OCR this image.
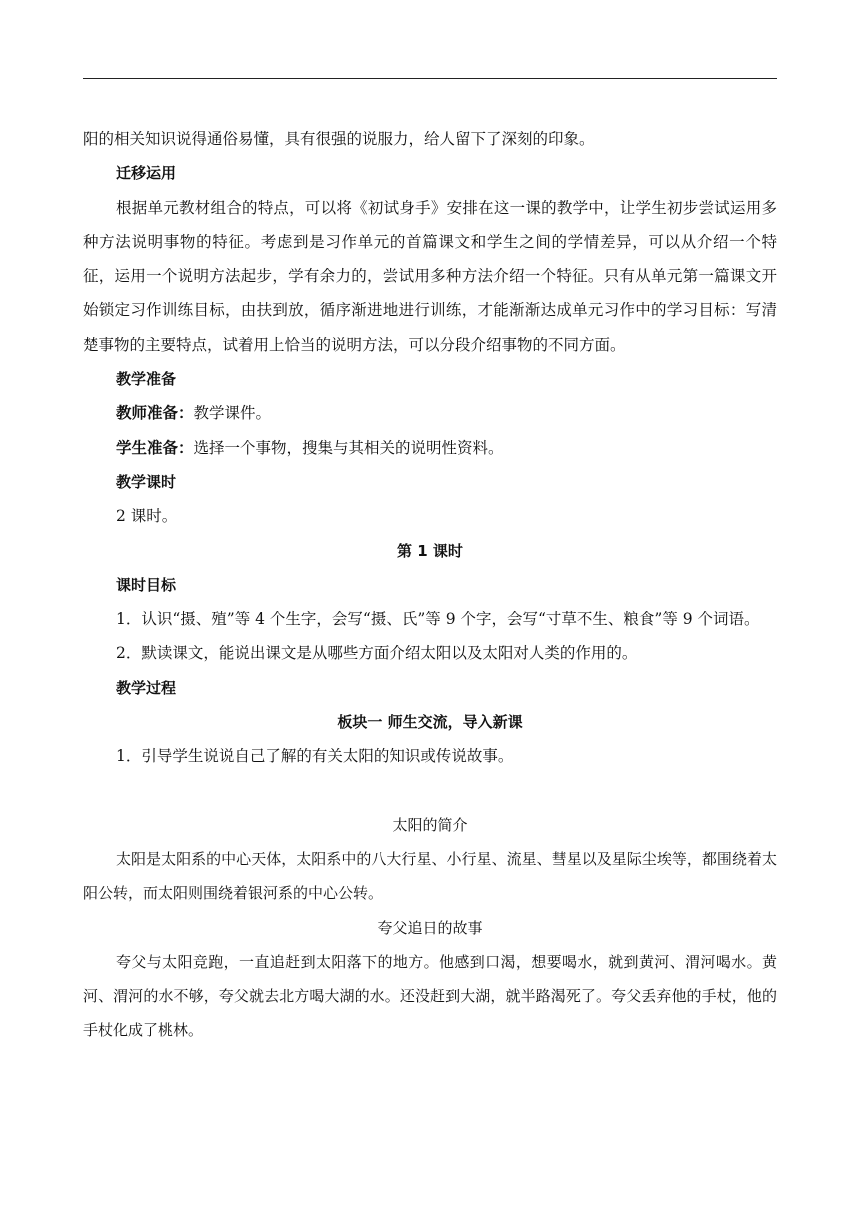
阳的相关知识说得通俗易懂，具有很强的说服力，给人留下了深刻的印象。

迁移运用

根据单元教材组合的特点，可以将《初试身手》安排在这一课的教学中，让学生初步尝试运用多种方法说明事物的特征。考虑到是习作单元的首篇课文和学生之间的学情差异，可以从介绍一个特征，运用一个说明方法起步，学有余力的，尝试用多种方法介绍一个特征。只有从单元第一篇课文开始锁定习作训练目标，由扶到放，循序渐进地进行训练，才能渐渐达成单元习作中的学习目标：写清楚事物的主要特点，试着用上恰当的说明方法，可以分段介绍事物的不同方面。

教学准备

教师准备：教学课件。

学生准备：选择一个事物，搜集与其相关的说明性资料。

教学课时

2 课时。

第 1 课时

课时目标

1．认识“摄、殖”等 4 个生字，会写“摄、氏”等 9 个字，会写“寸草不生、粮食”等 9 个词语。

2．默读课文，能说出课文是从哪些方面介绍太阳以及太阳对人类的作用的。

教学过程

板块一 师生交流，导入新课

1．引导学生说说自己了解的有关太阳的知识或传说故事。

太阳的简介

太阳是太阳系的中心天体，太阳系中的八大行星、小行星、流星、彗星以及星际尘埃等，都围绕着太阳公转，而太阳则围绕着银河系的中心公转。

夸父追日的故事

夸父与太阳竞跑，一直追赶到太阳落下的地方。他感到口渴，想要喝水，就到黄河、渭河喝水。黄河、渭河的水不够，夸父就去北方喝大湖的水。还没赶到大湖，就半路渴死了。夸父丢弃他的手杖，他的手杖化成了桃林。
